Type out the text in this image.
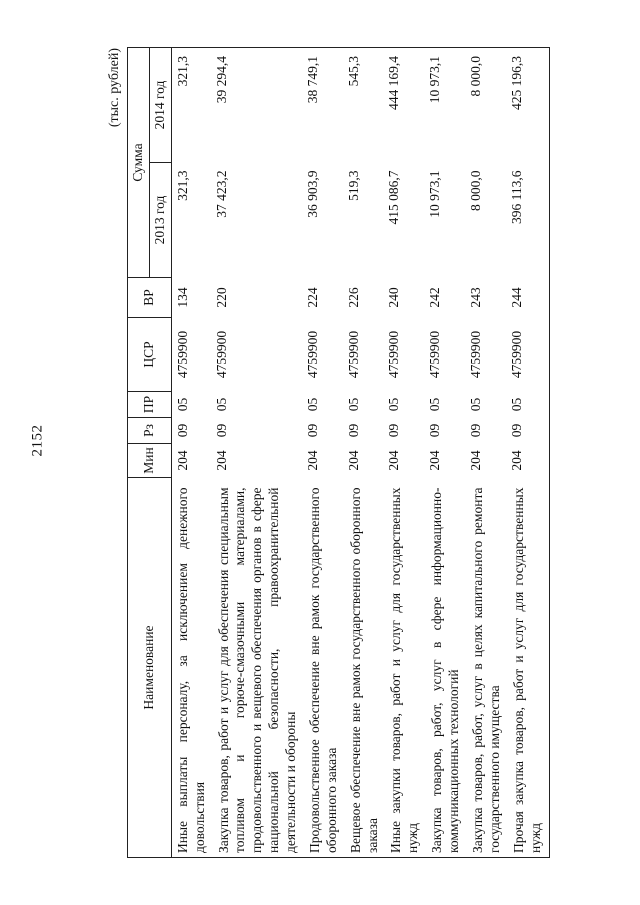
2152
(тыс. рублей)
Наименование	Мин	Рз	ПР	ЦСР	ВР	Сумма	
						2013 год	2014 год
Иные выплаты персоналу, за исключением денежного довольствия	204	09	05	4759900	134	321,3	321,3
Закупка товаров, работ и услуг для обеспечения специальным топливом и горюче-смазочными материалами, продовольственного и вещевого обеспечения органов в сфере национальной безопасности, правоохранительной деятельности и обороны	204	09	05	4759900	220	37 423,2	39 294,4
Продовольственное обеспечение вне рамок государственного оборонного заказа	204	09	05	4759900	224	36 903,9	38 749,1
Вещевое обеспечение вне рамок государственного оборонного заказа	204	09	05	4759900	226	519,3	545,3
Иные закупки товаров, работ и услуг для государственных нужд	204	09	05	4759900	240	415 086,7	444 169,4
Закупка товаров, работ, услуг в сфере информационно-коммуникационных технологий	204	09	05	4759900	242	10 973,1	10 973,1
Закупка товаров, работ, услуг в целях капитального ремонта государственного имущества	204	09	05	4759900	243	8 000,0	8 000,0
Прочая закупка товаров, работ и услуг для государственных нужд	204	09	05	4759900	244	396 113,6	425 196,3
